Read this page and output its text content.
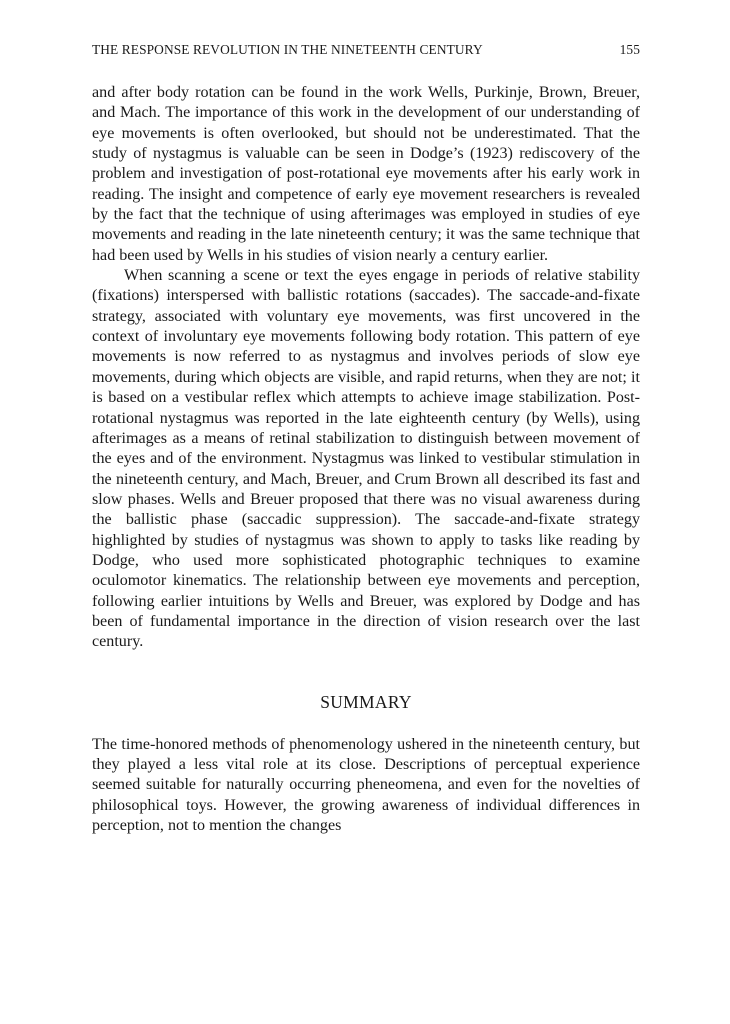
THE RESPONSE REVOLUTION IN THE NINETEENTH CENTURY	155

and after body rotation can be found in the work Wells, Purkinje, Brown, Breuer, and Mach. The importance of this work in the development of our understanding of eye movements is often overlooked, but should not be underestimated. That the study of nystagmus is valuable can be seen in Dodge’s (1923) rediscovery of the problem and investigation of post-rotational eye movements after his early work in reading. The insight and competence of early eye movement researchers is revealed by the fact that the technique of using afterimages was employed in studies of eye movements and reading in the late nineteenth century; it was the same technique that had been used by Wells in his studies of vision nearly a century earlier.

When scanning a scene or text the eyes engage in periods of relative stability (fixations) interspersed with ballistic rotations (saccades). The saccade-and-fixate strategy, associated with voluntary eye movements, was first uncovered in the context of involuntary eye movements following body rotation. This pattern of eye movements is now referred to as nystagmus and involves periods of slow eye movements, during which objects are visible, and rapid returns, when they are not; it is based on a vestibular reflex which attempts to achieve image stabilization. Post-rotational nystagmus was reported in the late eighteenth century (by Wells), using afterimages as a means of retinal stabilization to distinguish between movement of the eyes and of the environment. Nystagmus was linked to vestibular stimulation in the nineteenth century, and Mach, Breuer, and Crum Brown all described its fast and slow phases. Wells and Breuer proposed that there was no visual awareness during the ballistic phase (saccadic suppression). The saccade-and-fixate strategy highlighted by studies of nystagmus was shown to apply to tasks like reading by Dodge, who used more sophisticated photographic techniques to examine oculomotor kinematics. The relationship between eye movements and perception, following earlier intuitions by Wells and Breuer, was explored by Dodge and has been of fundamental importance in the direction of vision research over the last century.

SUMMARY

The time-honored methods of phenomenology ushered in the nineteenth century, but they played a less vital role at its close. Descriptions of perceptual experience seemed suitable for naturally occurring pheneomena, and even for the novelties of philosophical toys. However, the growing awareness of individual differences in perception, not to mention the changes
